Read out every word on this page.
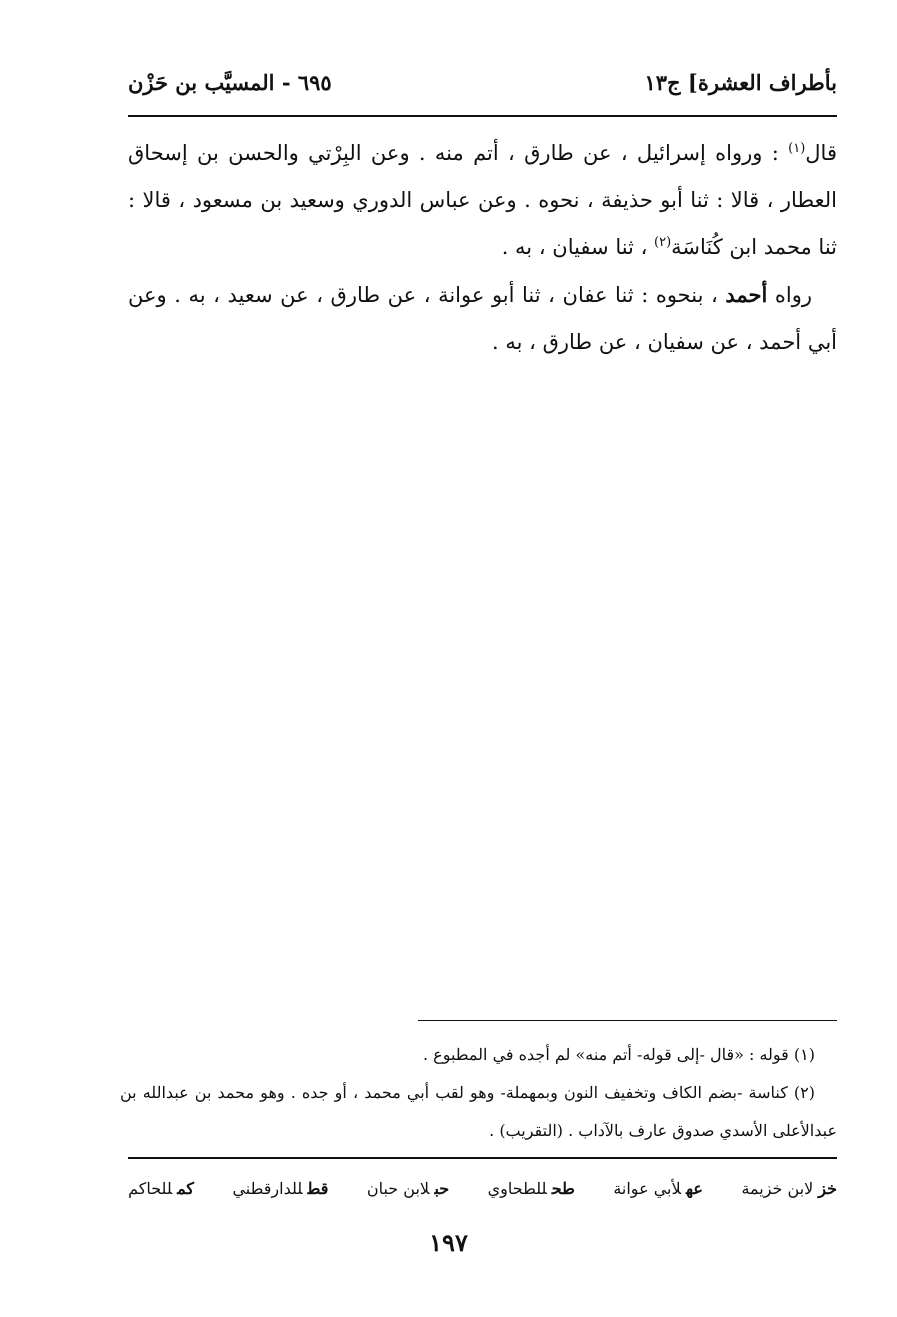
بأطراف العشرة] ج١٣
٦٩٥ - المسيَّب بن حَزْن

قال$^{(١)}$ : ورواه إسرائيل ، عن طارق ، أتم منه . وعن البِرْتي والحسن بن إسحاق العطار ، قالا : ثنا أبو حذيفة ، نحوه . وعن عباس الدوري وسعيد بن مسعود ، قالا : ثنا محمد ابن كُنَاسَة$^{(٢)}$ ، ثنا سفيان ، به .

رواه أحمد ، بنحوه : ثنا عفان ، ثنا أبو عوانة ، عن طارق ، عن سعيد ، به . وعن أبي أحمد ، عن سفيان ، عن طارق ، به .

(١) قوله : «قال -إلى قوله- أتم منه» لم أجده في المطبوع .

(٢) كناسة -بضم الكاف وتخفيف النون وبمهملة- وهو لقب أبي محمد ، أو جده . وهو محمد بن عبدالله بن عبدالأعلى الأسدي صدوق عارف بالآداب . (التقريب) .

خزلابن خزيمة
عهلأبي عوانة
طحللطحاوي
حبلابن حبان
قطللدارقطني
كمللحاكم
١٩٧
